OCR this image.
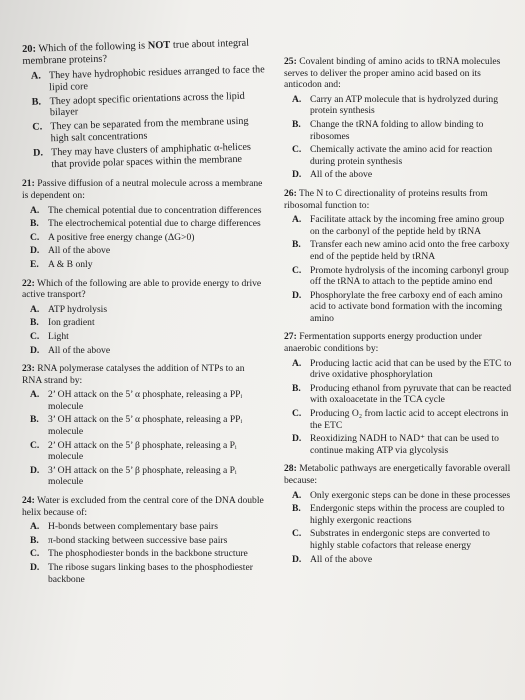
20: Which of the following is NOT true about integral membrane proteins?
A. They have hydrophobic residues arranged to face the lipid core
B. They adopt specific orientations across the lipid bilayer
C. They can be separated from the membrane using high salt concentrations
D. They may have clusters of amphiphatic α-helices that provide polar spaces within the membrane
21: Passive diffusion of a neutral molecule across a membrane is dependent on:
A. The chemical potential due to concentration differences
B. The electrochemical potential due to charge differences
C. A positive free energy change (ΔG>0)
D. All of the above
E. A & B only
22: Which of the following are able to provide energy to drive active transport?
A. ATP hydrolysis
B. Ion gradient
C. Light
D. All of the above
23: RNA polymerase catalyses the addition of NTPs to an RNA strand by:
A. 2’ OH attack on the 5’ α phosphate, releasing a PPᵢ molecule
B. 3’ OH attack on the 5’ α phosphate, releasing a PPᵢ molecule
C. 2’ OH attack on the 5’ β phosphate, releasing a Pᵢ molecule
D. 3’ OH attack on the 5’ β phosphate, releasing a Pᵢ molecule
24: Water is excluded from the central core of the DNA double helix because of:
A. H-bonds between complementary base pairs
B. π-bond stacking between successive base pairs
C. The phosphodiester bonds in the backbone structure
D. The ribose sugars linking bases to the phosphodiester backbone
25: Covalent binding of amino acids to tRNA molecules serves to deliver the proper amino acid based on its anticodon and:
A. Carry an ATP molecule that is hydrolyzed during protein synthesis
B. Change the tRNA folding to allow binding to ribosomes
C. Chemically activate the amino acid for reaction during protein synthesis
D. All of the above
26: The N to C directionality of proteins results from ribosomal function to:
A. Facilitate attack by the incoming free amino group on the carbonyl of the peptide held by tRNA
B. Transfer each new amino acid onto the free carboxy end of the peptide held by tRNA
C. Promote hydrolysis of the incoming carbonyl group off the tRNA to attach to the peptide amino end
D. Phosphorylate the free carboxy end of each amino acid to activate bond formation with the incoming amino
27: Fermentation supports energy production under anaerobic conditions by:
A. Producing lactic acid that can be used by the ETC to drive oxidative phosphorylation
B. Producing ethanol from pyruvate that can be reacted with oxaloacetate in the TCA cycle
C. Producing O₂ from lactic acid to accept electrons in the ETC
D. Reoxidizing NADH to NAD⁺ that can be used to continue making ATP via glycolysis
28: Metabolic pathways are energetically favorable overall because:
A. Only exergonic steps can be done in these processes
B. Endergonic steps within the process are coupled to highly exergonic reactions
C. Substrates in endergonic steps are converted to highly stable cofactors that release energy
D. All of the above
